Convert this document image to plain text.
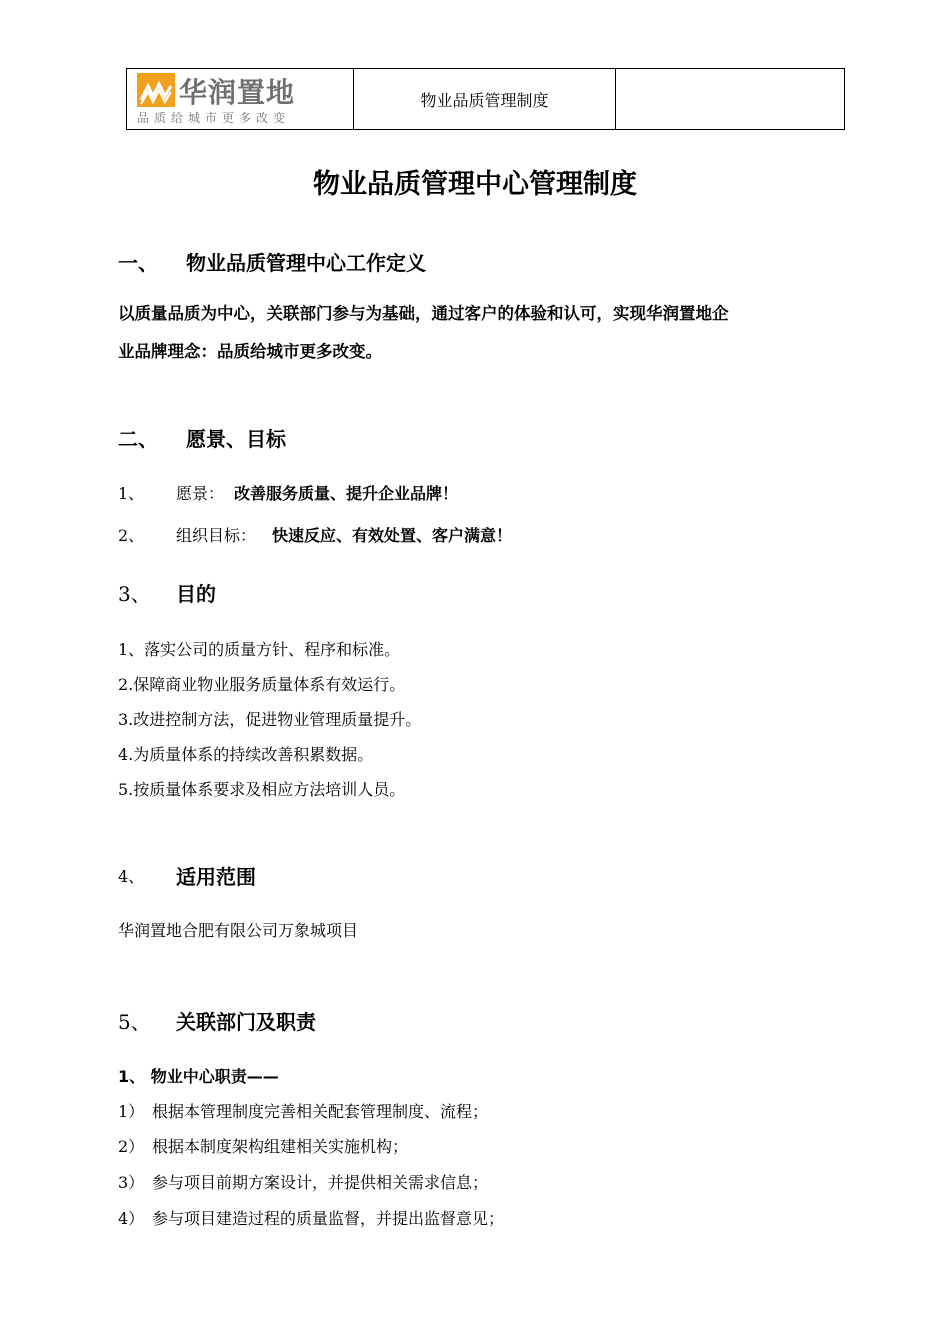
华润置地
品质给城市更多改变
物业品质管理制度
物业品质管理中心管理制度
一、 物业品质管理中心工作定义
以质量品质为中心，关联部门参与为基础，通过客户的体验和认可，实现华润置地企
业品牌理念：品质给城市更多改变。
二、 愿景、目标
1、 愿景： 改善服务质量、提升企业品牌！
2、 组织目标： 快速反应、有效处置、客户满意！
3、 目的
1、落实公司的质量方针、程序和标准。
2.保障商业物业服务质量体系有效运行。
3.改进控制方法，促进物业管理质量提升。
4.为质量体系的持续改善积累数据。
5.按质量体系要求及相应方法培训人员。
4、 适用范围
华润置地合肥有限公司万象城项目
5、 关联部门及职责
1、 物业中心职责——
1） 根据本管理制度完善相关配套管理制度、流程；
2） 根据本制度架构组建相关实施机构；
3） 参与项目前期方案设计，并提供相关需求信息；
4） 参与项目建造过程的质量监督，并提出监督意见；
